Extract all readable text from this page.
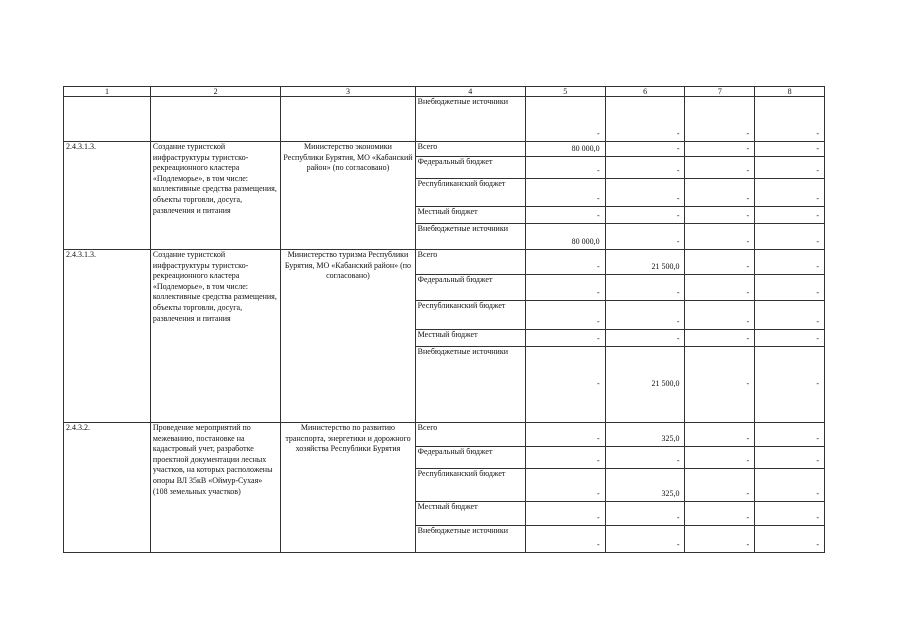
1	2	3	4	5	6	7	8
			Внебюджетные источники	-	-	-	-
2.4.3.1.3.	Создание туристской инфраструктуры туристско-рекреационного кластера «Подлеморье», в том числе: коллективные средства размещения, объекты торговли, досуга, развлечения и питания	Министерство экономики Республики Бурятия, МО «Кабанский район» (по согласовано)	Всего	80 000,0	-	-	-
			Федеральный бюджет	-	-	-	-
			Республиканский бюджет	-	-	-	-
			Местный бюджет	-	-	-	-
			Внебюджетные источники	80 000,0	-	-	-
2.4.3.1.3.	Создание туристской инфраструктуры туристско-рекреационного кластера «Подлеморье», в том числе: коллективные средства размещения, объекты торговли, досуга, развлечения и питания	Министерство туризма Республики Бурятия, МО «Кабанский район» (по согласовано)	Всего	-	21 500,0	-	-
			Федеральный бюджет	-	-	-	-
			Республиканский бюджет	-	-	-	-
			Местный бюджет	-	-	-	-
			Внебюджетные источники	-	21 500,0	-	-
2.4.3.2.	Проведение мероприятий по межеванию, постановке на кадастровый учет, разработке проектной документации лесных участков, на которых расположены опоры ВЛ 35кВ «Оймур-Сухая» (108 земельных участков)	Министерство по развитию транспорта, энергетики и дорожного хозяйства Республики Бурятия	Всего	-	325,0	-	-
			Федеральный бюджет	-	-	-	-
			Республиканский бюджет	-	325,0	-	-
			Местный бюджет	-	-	-	-
			Внебюджетные источники	-	-	-	-
